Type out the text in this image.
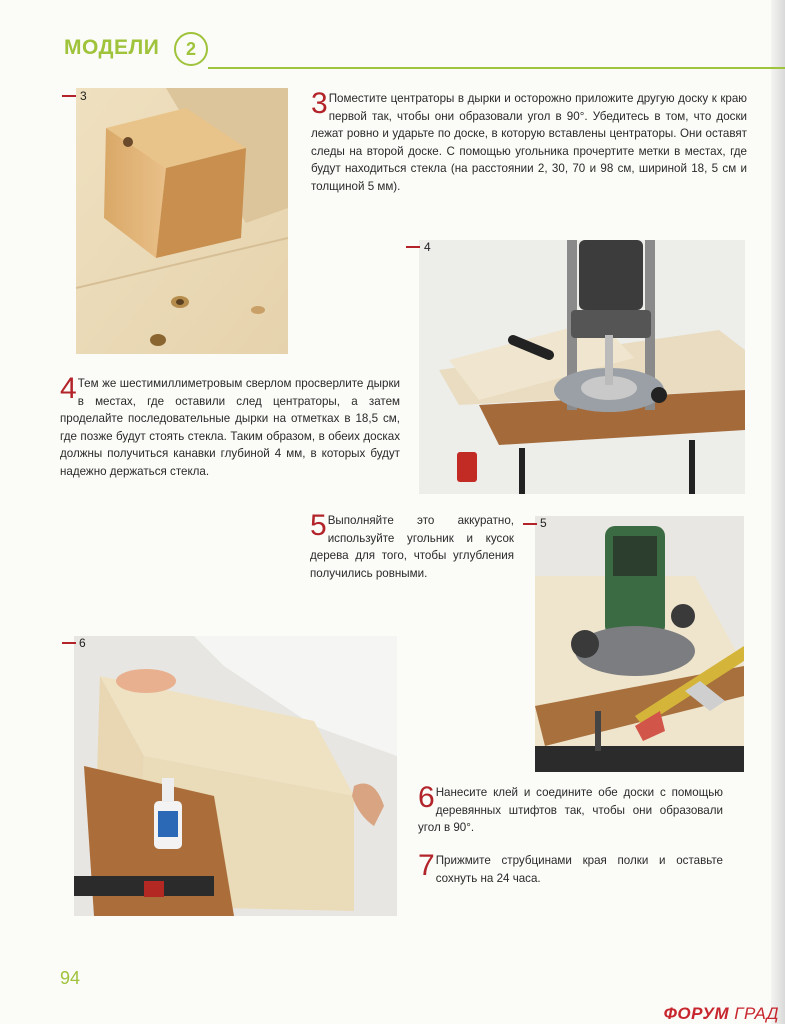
МОДЕЛИ	2
3	3 Поместите центраторы в дырки и осторожно приложите другую доску к краю первой так, чтобы они образовали угол в 90°. Убедитесь в том, что доски лежат ровно и ударьте по доске, в которую вставлены центраторы. Они оставят следы на второй доске. С помощью угольника прочертите метки в местах, где будут находиться стекла (на расстоянии 2, 30, 70 и 98 см, шириной 18, 5 см и толщиной 5 мм).
4
4 Тем же шестимиллиметровым сверлом просверлите дырки в местах, где оставили след центраторы, а затем проделайте последовательные дырки на отметках в 18,5 см, где позже будут стоять стекла. Таким образом, в обеих досках должны получиться канавки глубиной 4 мм, в которых будут надежно держаться стекла.
5 Выполняйте это аккуратно, используйте угольник и кусок дерева для того, чтобы углубления получились ровными.
5
6
6 Нанесите клей и соедините обе доски с помощью деревянных штифтов так, чтобы они образовали угол в 90°.
7 Прижмите струбцинами края полки и оставьте сохнуть на 24 часа.
94
ФОРУМ ГРАД
